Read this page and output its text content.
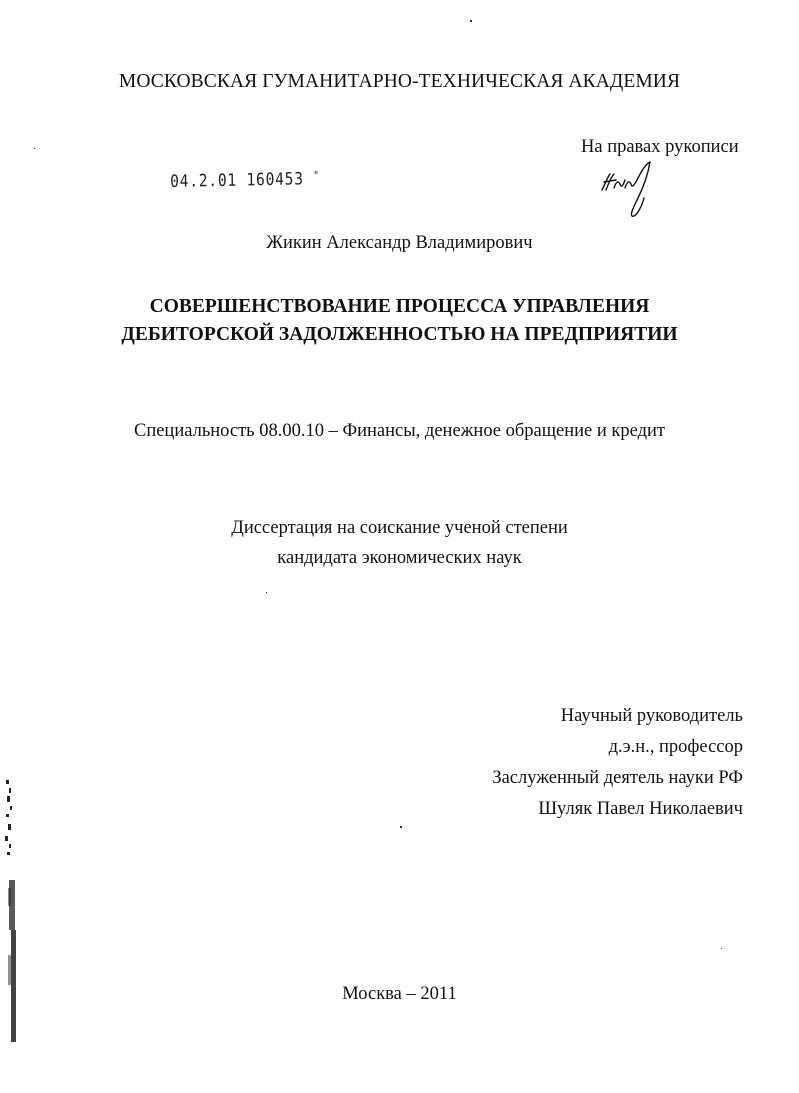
МОСКОВСКАЯ ГУМАНИТАРНО-ТЕХНИЧЕСКАЯ АКАДЕМИЯ
На правах рукописи
04.2.01 160453 "
Жикин Александр Владимирович
СОВЕРШЕНСТВОВАНИЕ ПРОЦЕССА УПРАВЛЕНИЯ
ДЕБИТОРСКОЙ ЗАДОЛЖЕННОСТЬЮ НА ПРЕДПРИЯТИИ
Специальность 08.00.10 – Финансы, денежное обращение и кредит
Диссертация на соискание ученой степени
кандидата экономических наук
Научный руководитель
д.э.н., профессор
Заслуженный деятель науки РФ
Шуляк Павел Николаевич
Москва – 2011
